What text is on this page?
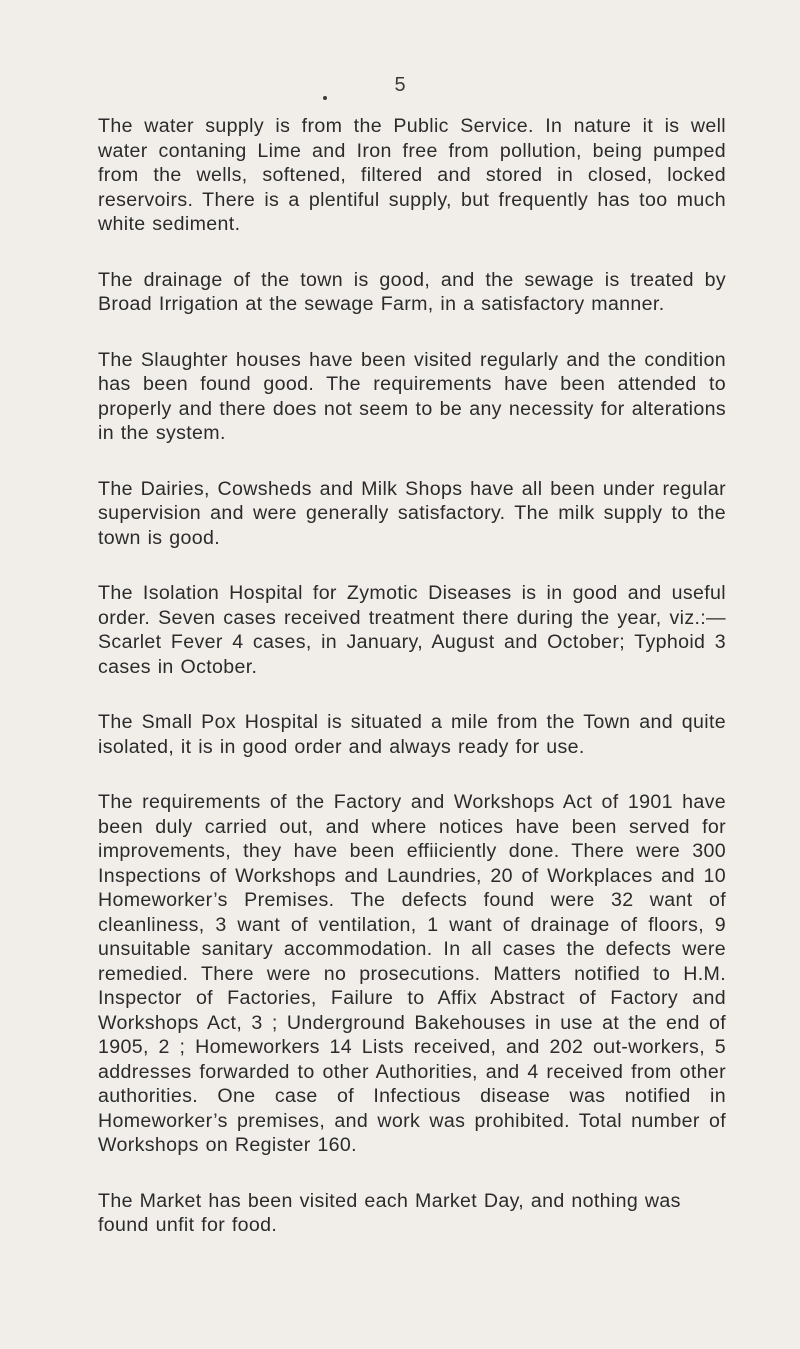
5

The water supply is from the Public Service. In nature it is well water contaning Lime and Iron free from pollution, being pumped from the wells, softened, filtered and stored in closed, locked reservoirs. There is a plentiful supply, but frequently has too much white sediment.

The drainage of the town is good, and the sewage is treated by Broad Irrigation at the sewage Farm, in a satisfactory manner.

The Slaughter houses have been visited regularly and the condition has been found good. The requirements have been attended to properly and there does not seem to be any necessity for alterations in the system.

The Dairies, Cowsheds and Milk Shops have all been under regular supervision and were generally satisfactory. The milk supply to the town is good.

The Isolation Hospital for Zymotic Diseases is in good and useful order. Seven cases received treatment there during the year, viz.:—Scarlet Fever 4 cases, in January, August and October; Typhoid 3 cases in October.

The Small Pox Hospital is situated a mile from the Town and quite isolated, it is in good order and always ready for use.

The requirements of the Factory and Workshops Act of 1901 have been duly carried out, and where notices have been served for improvements, they have been effiiciently done. There were 300 Inspections of Workshops and Laundries, 20 of Workplaces and 10 Homeworker’s Premises. The defects found were 32 want of cleanliness, 3 want of ventilation, 1 want of drainage of floors, 9 unsuitable sanitary accommodation. In all cases the defects were remedied. There were no prosecutions. Matters notified to H.M. Inspector of Factories, Failure to Affix Abstract of Factory and Workshops Act, 3 ; Underground Bakehouses in use at the end of 1905, 2 ; Homeworkers 14 Lists received, and 202 out-workers, 5 addresses forwarded to other Authorities, and 4 received from other authorities. One case of Infectious disease was notified in Homeworker’s premises, and work was prohibited. Total number of Workshops on Register 160.

The Market has been visited each Market Day, and nothing was found unfit for food.
